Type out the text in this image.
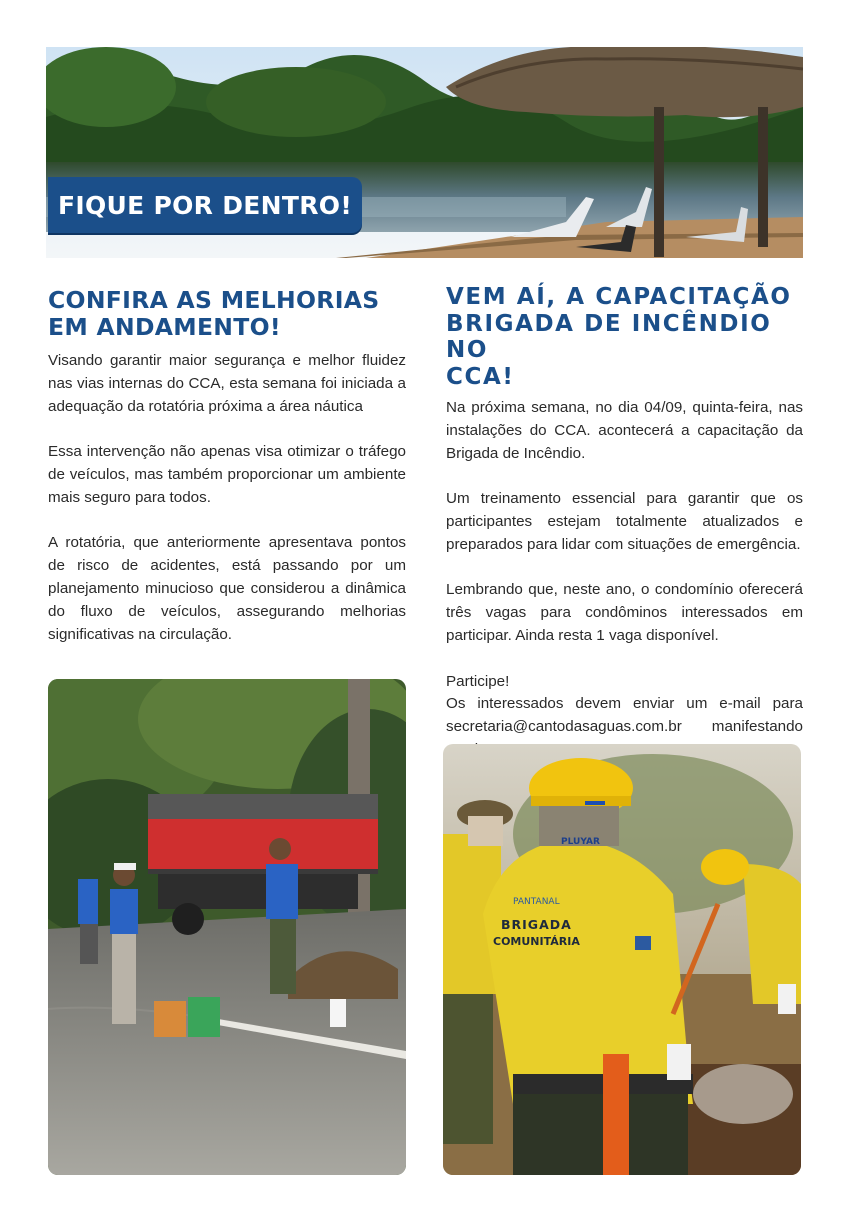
FIQUE POR DENTRO!
CONFIRA AS MELHORIAS
EM ANDAMENTO!

Visando garantir maior segurança e melhor fluidez nas vias internas do CCA, esta semana foi iniciada a adequação da rotatória próxima a área náutica

Essa intervenção não apenas visa otimizar o tráfego de veículos, mas também proporcionar um ambiente mais seguro para todos.

A rotatória, que anteriormente apresentava pontos de risco de acidentes, está passando por um planejamento minucioso que considerou a dinâmica do fluxo de veículos, assegurando melhorias significativas na circulação.

VEM AÍ, A CAPACITAÇÃO
BRIGADA DE INCÊNDIO NO
CCA!

Na próxima semana, no dia 04/09, quinta-feira, nas instalações do CCA. acontecerá a capacitação da Brigada de Incêndio.

Um treinamento essencial para garantir que os participantes estejam totalmente atualizados e preparados para lidar com situações de emergência.

Lembrando que, neste ano, o condomínio oferecerá três vagas para condôminos interessados em participar. Ainda resta 1 vaga disponível.

Participe!

Os interessados devem enviar um e-mail para secretaria@cantodasaguas.com.br manifestando

PLUYAR
PANTANAL
BRIGADA
COMUNITÁRIA
